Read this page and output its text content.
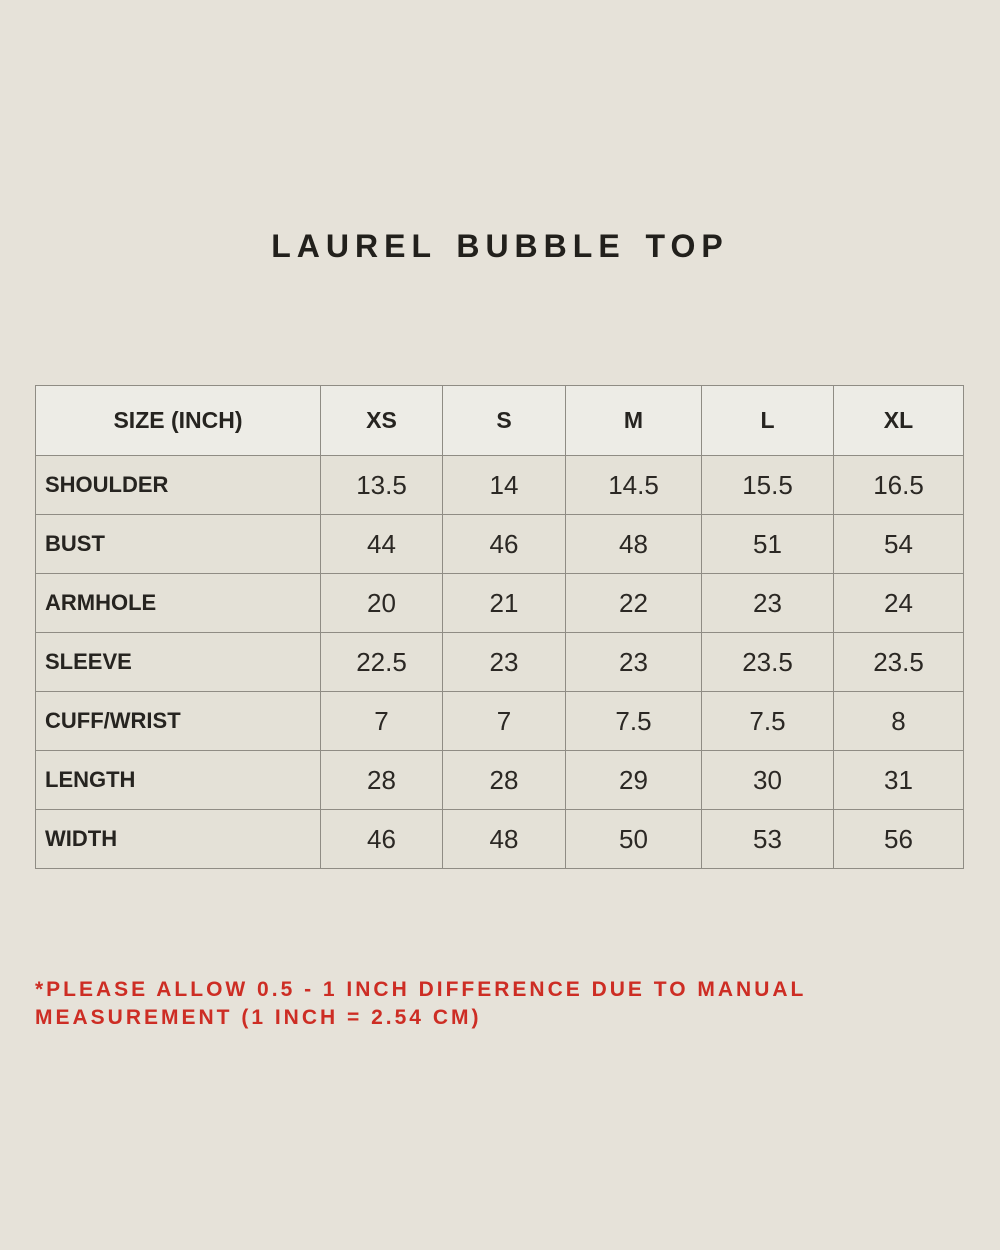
LAUREL BUBBLE TOP
SIZE (INCH)	XS	S	M	L	XL
SHOULDER	13.5	14	14.5	15.5	16.5
BUST	44	46	48	51	54
ARMHOLE	20	21	22	23	24
SLEEVE	22.5	23	23	23.5	23.5
CUFF/WRIST	7	7	7.5	7.5	8
LENGTH	28	28	29	30	31
WIDTH	46	48	50	53	56

*PLEASE ALLOW 0.5 - 1 INCH DIFFERENCE DUE TO MANUAL
MEASUREMENT (1 INCH = 2.54 CM)
